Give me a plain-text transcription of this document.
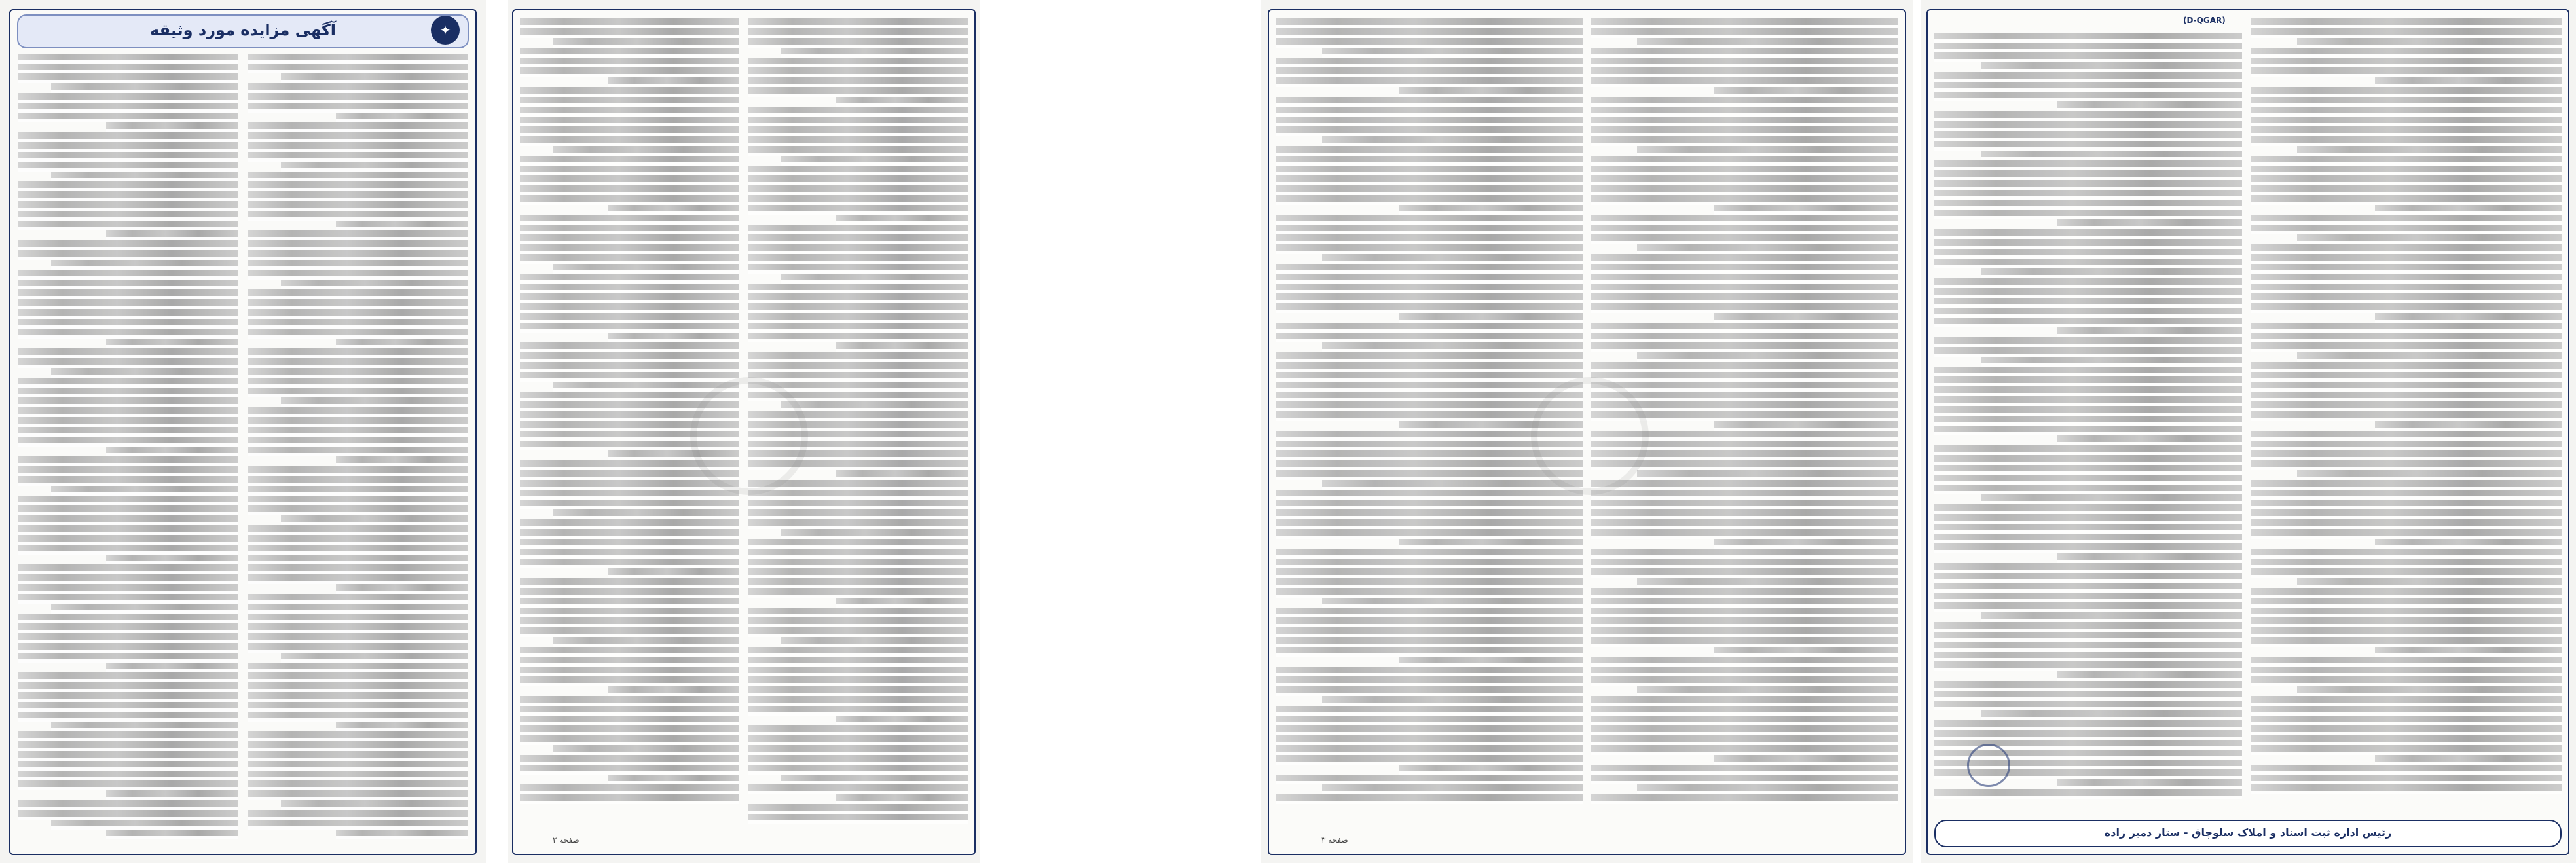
آگهی مزایده مورد وثیقه	✦
صفحه ۲	صفحه ۳
(D-QGAR)
رئیس اداره ثبت اسناد و املاک سلوچاق - ستار دمیر زاده
